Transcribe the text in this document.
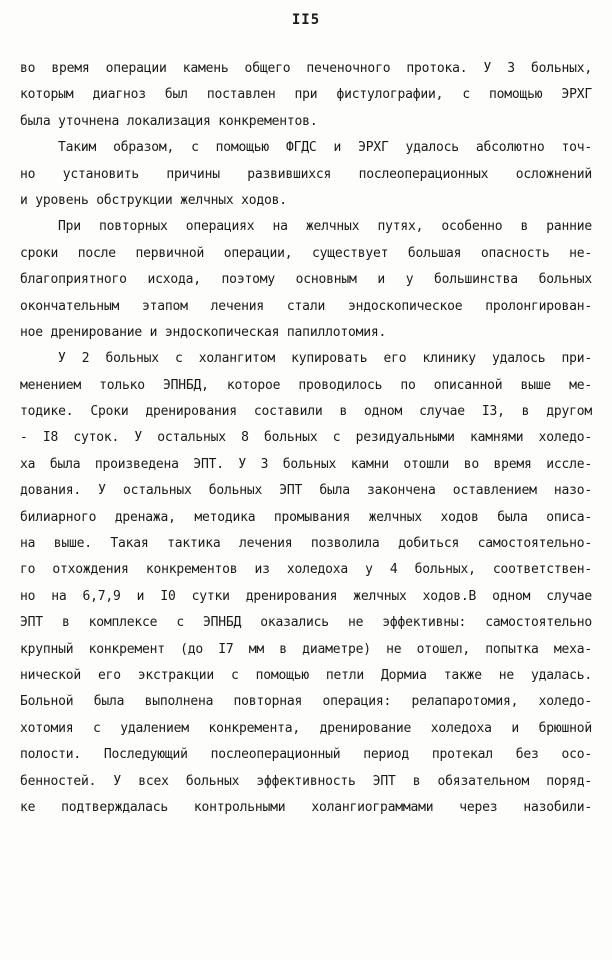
II5
во время операции камень общего печеночного протока. У 3 больных,
которым диагноз был поставлен при фистулографии, с помощью ЭРХГ
была уточнена локализация конкрементов.
Таким образом, с помощью ФГДС и ЭРХГ удалось абсолютно точ-
но установить причины развившихся послеоперационных осложнений
и уровень обструкции желчных ходов.
При повторных операциях на желчных путях, особенно в ранние
сроки после первичной операции, существует большая опасность не-
благоприятного исхода, поэтому основным и у большинства больных
окончательным этапом лечения стали эндоскопическое пролонгирован-
ное дренирование и эндоскопическая папиллотомия.
У 2 больных с холангитом купировать его клинику удалось при-
менением только ЭПНБД, которое проводилось по описанной выше ме-
тодике. Сроки дренирования составили в одном случае I3, в другом
- I8 суток. У остальных 8 больных с резидуальными камнями холедо-
ха была произведена ЭПТ. У 3 больных камни отошли во время иссле-
дования. У остальных больных ЭПТ была закончена оставлением назо-
билиарного дренажа, методика промывания желчных ходов была описа-
на выше. Такая тактика лечения позволила добиться самостоятельно-
го отхождения конкрементов из холедоха у 4 больных, соответствен-
но на 6,7,9 и I0 сутки дренирования желчных ходов.В одном случае
ЭПТ в комплексе с ЭПНБД оказались не эффективны: самостоятельно
крупный конкремент (до I7 мм в диаметре) не отошел, попытка меха-
нической его экстракции с помощью петли Дормиа также не удалась.
Больной была выполнена повторная операция: релапаротомия, холедо-
хотомия с удалением конкремента, дренирование холедоха и брюшной
полости. Последующий послеоперационный период протекал без осо-
бенностей. У всех больных эффективность ЭПТ в обязательном поряд-
ке подтверждалась контрольными холангиограммами через назобили-
